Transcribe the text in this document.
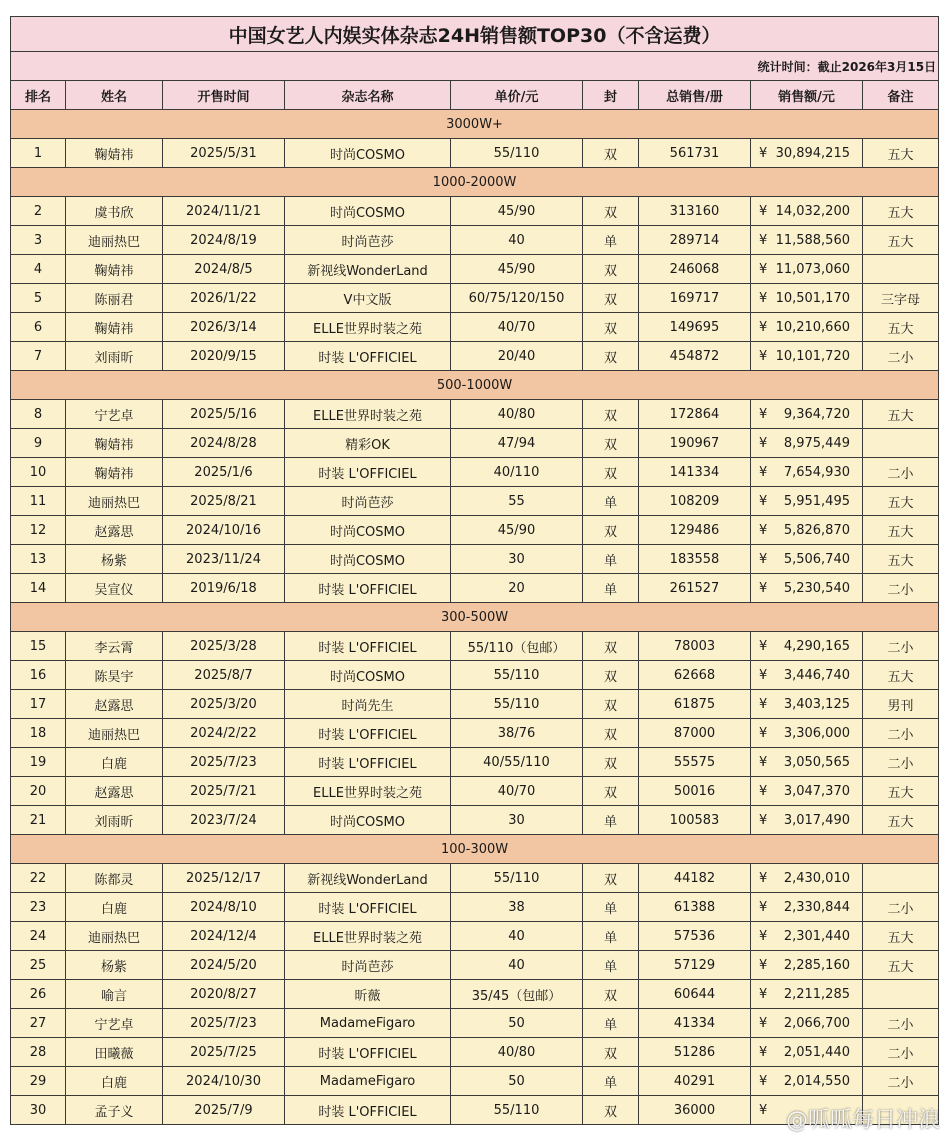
中国女艺人内娱实体杂志24H销售额TOP30（不含运费）								
统计时间：截止2026年3月15日								
排名	姓名	开售时间	杂志名称	单价/元	封	总销售/册	销售额/元	备注
3000W+								
1	鞠婧祎	2025/5/31	时尚COSMO	55/110	双	561731	¥ 30,894,215	五大
1000-2000W								
2	虞书欣	2024/11/21	时尚COSMO	45/90	双	313160	¥ 14,032,200	五大
3	迪丽热巴	2024/8/19	时尚芭莎	40	单	289714	¥ 11,588,560	五大
4	鞠婧祎	2024/8/5	新视线WonderLand	45/90	双	246068	¥ 11,073,060	

5	陈丽君	2026/1/22	V中文版	60/75/120/150	双	169717	¥ 10,501,170	三字母
6	鞠婧祎	2026/3/14	ELLE世界时装之苑	40/70	双	149695	¥ 10,210,660	五大
7	刘雨昕	2020/9/15	时装 L'OFFICIEL	20/40	双	454872	¥ 10,101,720	二小
500-1000W								
8	宁艺卓	2025/5/16	ELLE世界时装之苑	40/80	双	172864	¥ 9,364,720	五大
9	鞠婧祎	2024/8/28	精彩OK	47/94	双	190967	¥ 8,975,449	

10	鞠婧祎	2025/1/6	时装 L'OFFICIEL	40/110	双	141334	¥ 7,654,930	二小
11	迪丽热巴	2025/8/21	时尚芭莎	55	单	108209	¥ 5,951,495	五大
12	赵露思	2024/10/16	时尚COSMO	45/90	双	129486	¥ 5,826,870	五大
13	杨紫	2023/11/24	时尚COSMO	30	单	183558	¥ 5,506,740	五大
14	吴宣仪	2019/6/18	时装 L'OFFICIEL	20	单	261527	¥ 5,230,540	二小
300-500W								
15	李云霄	2025/3/28	时装 L'OFFICIEL	55/110（包邮）	双	78003	¥ 4,290,165	二小
16	陈昊宇	2025/8/7	时尚COSMO	55/110	双	62668	¥ 3,446,740	五大
17	赵露思	2025/3/20	时尚先生	55/110	双	61875	¥ 3,403,125	男刊
18	迪丽热巴	2024/2/22	时装 L'OFFICIEL	38/76	双	87000	¥ 3,306,000	二小
19	白鹿	2025/7/23	时装 L'OFFICIEL	40/55/110	双	55575	¥ 3,050,565	二小
20	赵露思	2025/7/21	ELLE世界时装之苑	40/70	双	50016	¥ 3,047,370	五大
21	刘雨昕	2023/7/24	时尚COSMO	30	单	100583	¥ 3,017,490	五大
100-300W								
22	陈都灵	2025/12/17	新视线WonderLand	55/110	双	44182	¥ 2,430,010	

23	白鹿	2024/8/10	时装 L'OFFICIEL	38	单	61388	¥ 2,330,844	二小
24	迪丽热巴	2024/12/4	ELLE世界时装之苑	40	单	57536	¥ 2,301,440	五大
25	杨紫	2024/5/20	时尚芭莎	40	单	57129	¥ 2,285,160	五大
26	喻言	2020/8/27	昕薇	35/45（包邮）	双	60644	¥ 2,211,285	

27	宁艺卓	2025/7/23	MadameFigaro	50	单	41334	¥ 2,066,700	二小
28	田曦薇	2025/7/25	时装 L'OFFICIEL	40/80	双	51286	¥ 2,051,440	二小
29	白鹿	2024/10/30	MadameFigaro	50	单	40291	¥ 2,014,550	二小
30	孟子义	2025/7/9	时装 L'OFFICIEL	55/110	双	36000	¥	
	@呱呱每日冲浪
